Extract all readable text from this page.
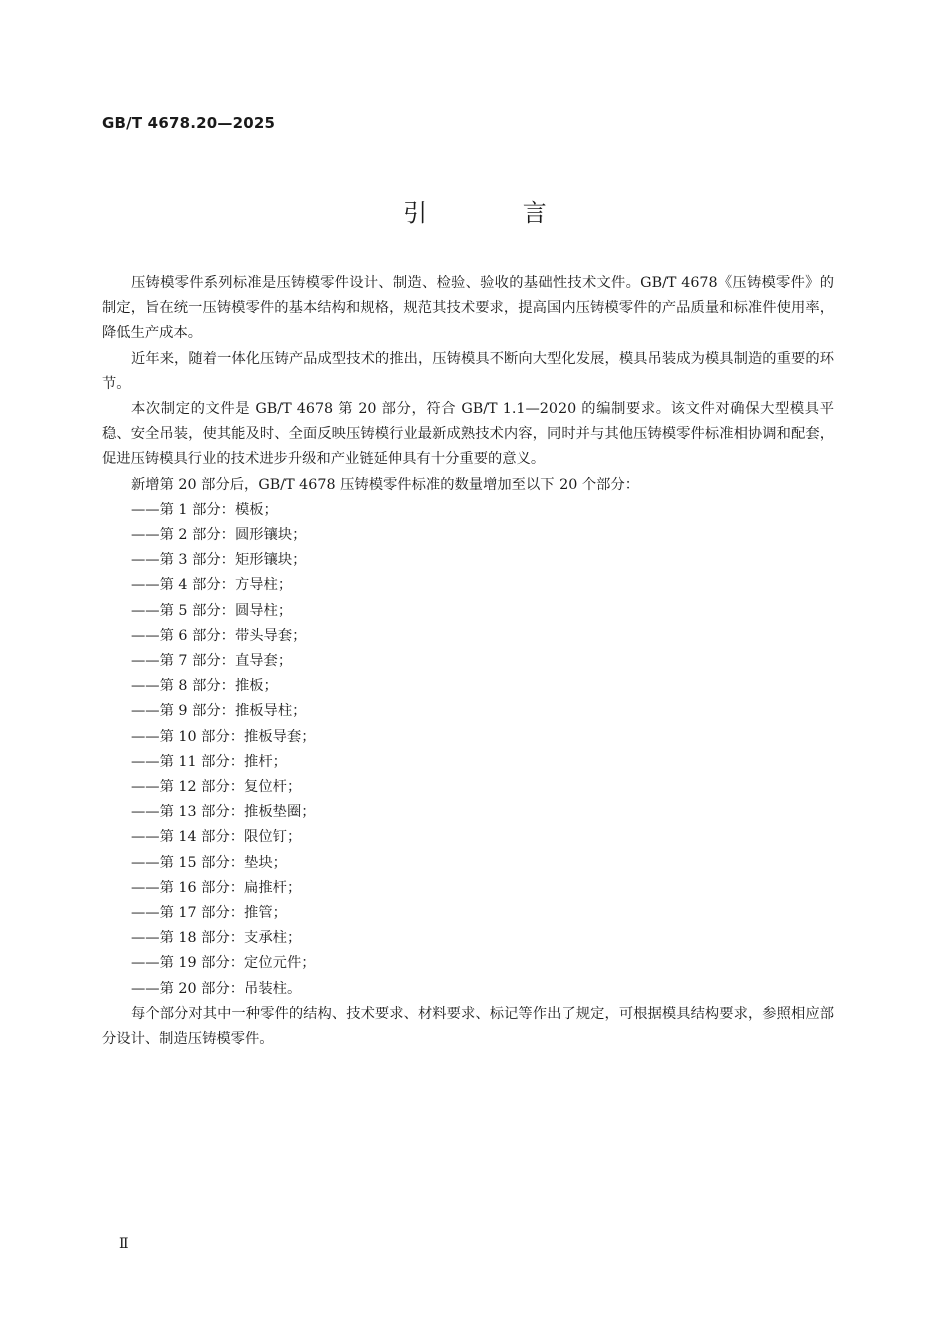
GB/T 4678.20—2025
引 言

压铸模零件系列标准是压铸模零件设计、制造、检验、验收的基础性技术文件。GB/T 4678《压铸模零件》的制定，旨在统一压铸模零件的基本结构和规格，规范其技术要求，提高国内压铸模零件的产品质量和标准件使用率，降低生产成本。

近年来，随着一体化压铸产品成型技术的推出，压铸模具不断向大型化发展，模具吊装成为模具制造的重要的环节。

本次制定的文件是 GB/T 4678 第 20 部分，符合 GB/T 1.1—2020 的编制要求。该文件对确保大型模具平稳、安全吊装，使其能及时、全面反映压铸模行业最新成熟技术内容，同时并与其他压铸模零件标准相协调和配套，促进压铸模具行业的技术进步升级和产业链延伸具有十分重要的意义。

新增第 20 部分后，GB/T 4678 压铸模零件标准的数量增加至以下 20 个部分：

——第 1 部分：模板；

——第 2 部分：圆形镶块；

——第 3 部分：矩形镶块；

——第 4 部分：方导柱；

——第 5 部分：圆导柱；

——第 6 部分：带头导套；

——第 7 部分：直导套；

——第 8 部分：推板；

——第 9 部分：推板导柱；

——第 10 部分：推板导套；

——第 11 部分：推杆；

——第 12 部分：复位杆；

——第 13 部分：推板垫圈；

——第 14 部分：限位钉；

——第 15 部分：垫块；

——第 16 部分：扁推杆；

——第 17 部分：推管；

——第 18 部分：支承柱；

——第 19 部分：定位元件；

——第 20 部分：吊装柱。

每个部分对其中一种零件的结构、技术要求、材料要求、标记等作出了规定，可根据模具结构要求，参照相应部分设计、制造压铸模零件。

Ⅱ
